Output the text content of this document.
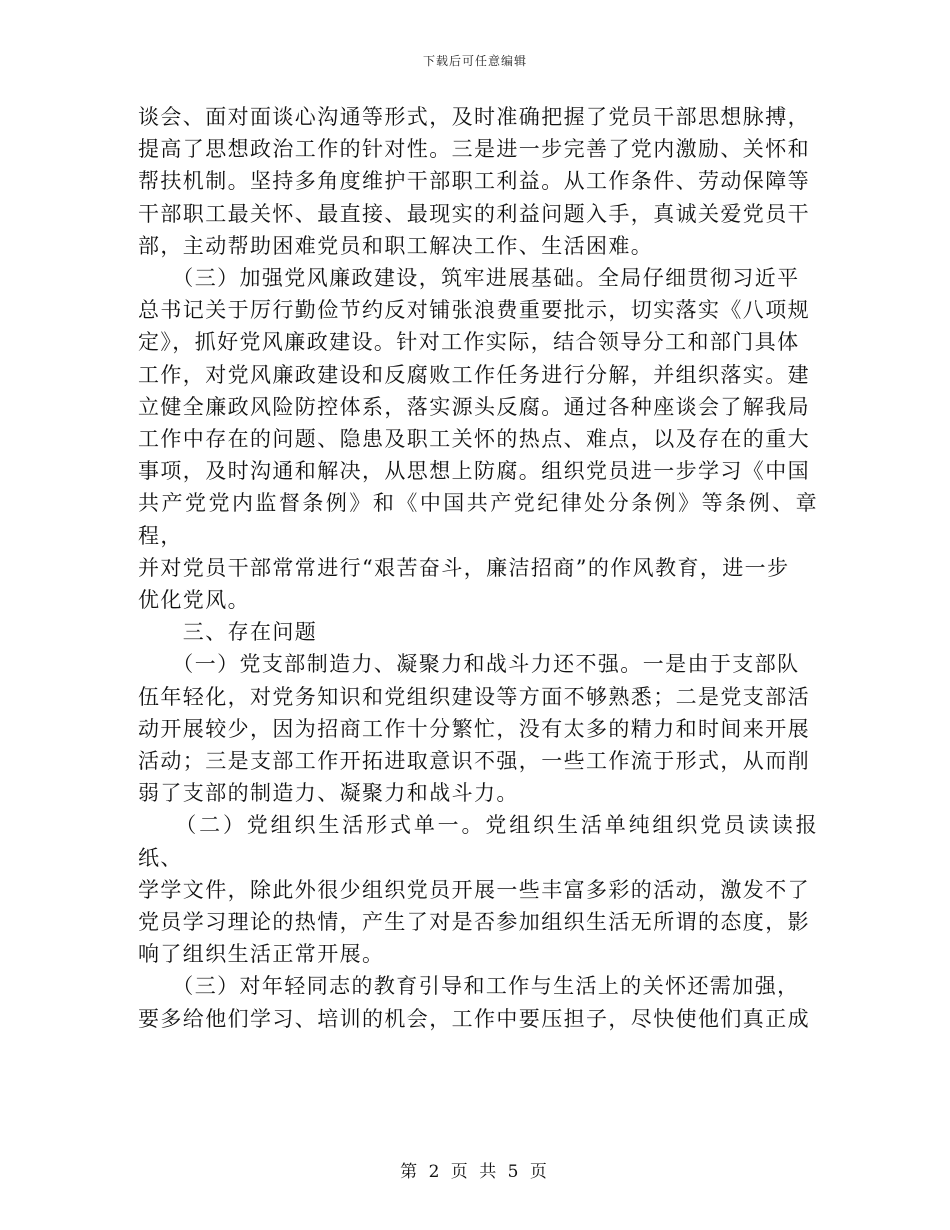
下载后可任意编辑

谈会、面对面谈心沟通等形式，及时准确把握了党员干部思想脉搏，

提高了思想政治工作的针对性。三是进一步完善了党内激励、关怀和

帮扶机制。坚持多角度维护干部职工利益。从工作条件、劳动保障等

干部职工最关怀、最直接、最现实的利益问题入手，真诚关爱党员干

部，主动帮助困难党员和职工解决工作、生活困难。

　　（三）加强党风廉政建设，筑牢进展基础。全局仔细贯彻习近平

总书记关于厉行勤俭节约反对铺张浪费重要批示，切实落实《八项规

定》，抓好党风廉政建设。针对工作实际，结合领导分工和部门具体

工作，对党风廉政建设和反腐败工作任务进行分解，并组织落实。建

立健全廉政风险防控体系，落实源头反腐。通过各种座谈会了解我局

工作中存在的问题、隐患及职工关怀的热点、难点，以及存在的重大

事项，及时沟通和解决，从思想上防腐。组织党员进一步学习《中国

共产党党内监督条例》和《中国共产党纪律处分条例》等条例、章程，

并对党员干部常常进行“艰苦奋斗，廉洁招商”的作风教育，进一步

优化党风。

　　三、存在问题

　　（一）党支部制造力、凝聚力和战斗力还不强。一是由于支部队

伍年轻化，对党务知识和党组织建设等方面不够熟悉；二是党支部活

动开展较少，因为招商工作十分繁忙，没有太多的精力和时间来开展

活动；三是支部工作开拓进取意识不强，一些工作流于形式，从而削

弱了支部的制造力、凝聚力和战斗力。

　　（二）党组织生活形式单一。党组织生活单纯组织党员读读报纸、

学学文件，除此外很少组织党员开展一些丰富多彩的活动，激发不了

党员学习理论的热情，产生了对是否参加组织生活无所谓的态度，影

响了组织生活正常开展。

　　（三）对年轻同志的教育引导和工作与生活上的关怀还需加强，

要多给他们学习、培训的机会，工作中要压担子，尽快使他们真正成

第 2 页 共 5 页
